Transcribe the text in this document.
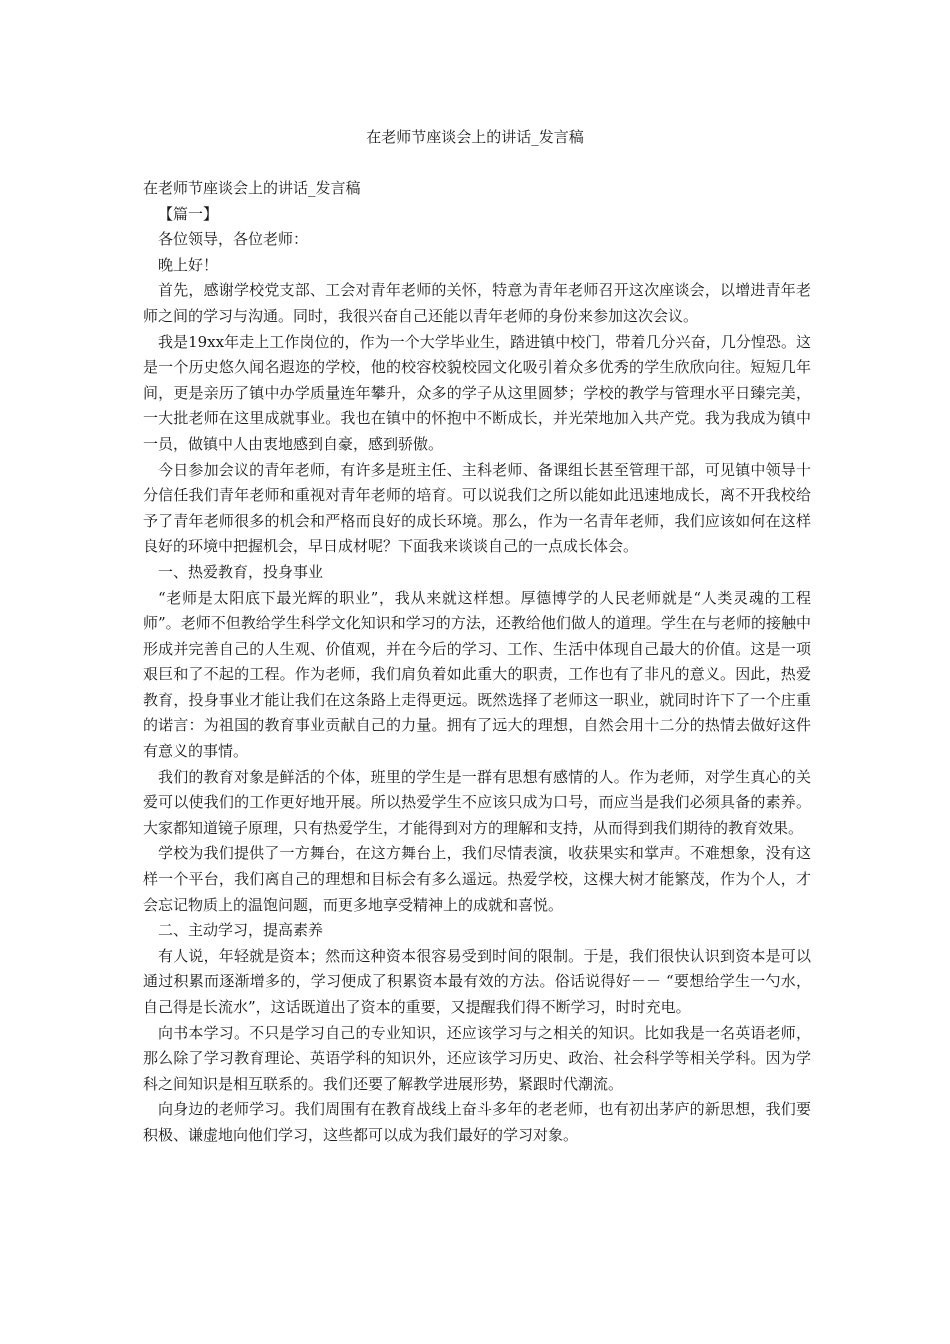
在老师节座谈会上的讲话_发言稿

在老师节座谈会上的讲话_发言稿

【篇一】

各位领导，各位老师：

晚上好！

首先，感谢学校党支部、工会对青年老师的关怀，特意为青年老师召开这次座谈会，以增进青年老师之间的学习与沟通。同时，我很兴奋自己还能以青年老师的身份来参加这次会议。

我是19xx年走上工作岗位的，作为一个大学毕业生，踏进镇中校门，带着几分兴奋，几分惶恐。这是一个历史悠久闻名遐迩的学校，他的校容校貌校园文化吸引着众多优秀的学生欣欣向往。短短几年间，更是亲历了镇中办学质量连年攀升，众多的学子从这里圆梦；学校的教学与管理水平日臻完美，一大批老师在这里成就事业。我也在镇中的怀抱中不断成长，并光荣地加入共产党。我为我成为镇中一员，做镇中人由衷地感到自豪，感到骄傲。

今日参加会议的青年老师，有许多是班主任、主科老师、备课组长甚至管理干部，可见镇中领导十分信任我们青年老师和重视对青年老师的培育。可以说我们之所以能如此迅速地成长，离不开我校给予了青年老师很多的机会和严格而良好的成长环境。那么，作为一名青年老师，我们应该如何在这样良好的环境中把握机会，早日成材呢？下面我来谈谈自己的一点成长体会。

一、热爱教育，投身事业

“老师是太阳底下最光辉的职业”，我从来就这样想。厚德博学的人民老师就是“人类灵魂的工程师”。老师不但教给学生科学文化知识和学习的方法，还教给他们做人的道理。学生在与老师的接触中形成并完善自己的人生观、价值观，并在今后的学习、工作、生活中体现自己最大的价值。这是一项艰巨和了不起的工程。作为老师，我们肩负着如此重大的职责，工作也有了非凡的意义。因此，热爱教育，投身事业才能让我们在这条路上走得更远。既然选择了老师这一职业，就同时许下了一个庄重的诺言：为祖国的教育事业贡献自己的力量。拥有了远大的理想，自然会用十二分的热情去做好这件有意义的事情。

我们的教育对象是鲜活的个体，班里的学生是一群有思想有感情的人。作为老师，对学生真心的关爱可以使我们的工作更好地开展。所以热爱学生不应该只成为口号，而应当是我们必须具备的素养。大家都知道镜子原理，只有热爱学生，才能得到对方的理解和支持，从而得到我们期待的教育效果。

学校为我们提供了一方舞台，在这方舞台上，我们尽情表演，收获果实和掌声。不难想象，没有这样一个平台，我们离自己的理想和目标会有多么遥远。热爱学校，这棵大树才能繁茂，作为个人，才会忘记物质上的温饱问题，而更多地享受精神上的成就和喜悦。

二、主动学习，提高素养

有人说，年轻就是资本；然而这种资本很容易受到时间的限制。于是，我们很快认识到资本是可以通过积累而逐渐增多的，学习便成了积累资本最有效的方法。俗话说得好－－ “要想给学生一勺水，自己得是长流水”，这话既道出了资本的重要，又提醒我们得不断学习，时时充电。

向书本学习。不只是学习自己的专业知识，还应该学习与之相关的知识。比如我是一名英语老师，那么除了学习教育理论、英语学科的知识外，还应该学习历史、政治、社会科学等相关学科。因为学科之间知识是相互联系的。我们还要了解教学进展形势，紧跟时代潮流。

向身边的老师学习。我们周围有在教育战线上奋斗多年的老老师，也有初出茅庐的新思想，我们要积极、谦虚地向他们学习，这些都可以成为我们最好的学习对象。
